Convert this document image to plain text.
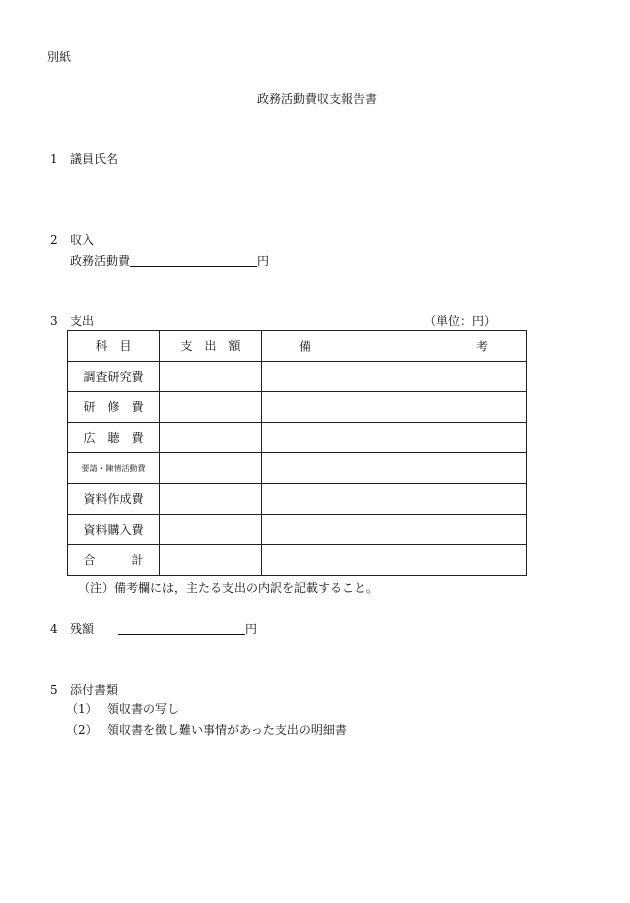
別紙
政務活動費収支報告書
1 議員氏名
2 収入
政務活動費	円
3 支出	（単位：円）
科　目	支　出　額	備 考

調査研究費		
研　修　費		
広　聴　費		
要請・陳情活動費		
資料作成費		
資料購入費		
合　　　計		
（注）備考欄には，主たる支出の内訳を記載すること。
4 残額	円
5 添付書類
（1） 領収書の写し
（2） 領収書を徴し難い事情があった支出の明細書
